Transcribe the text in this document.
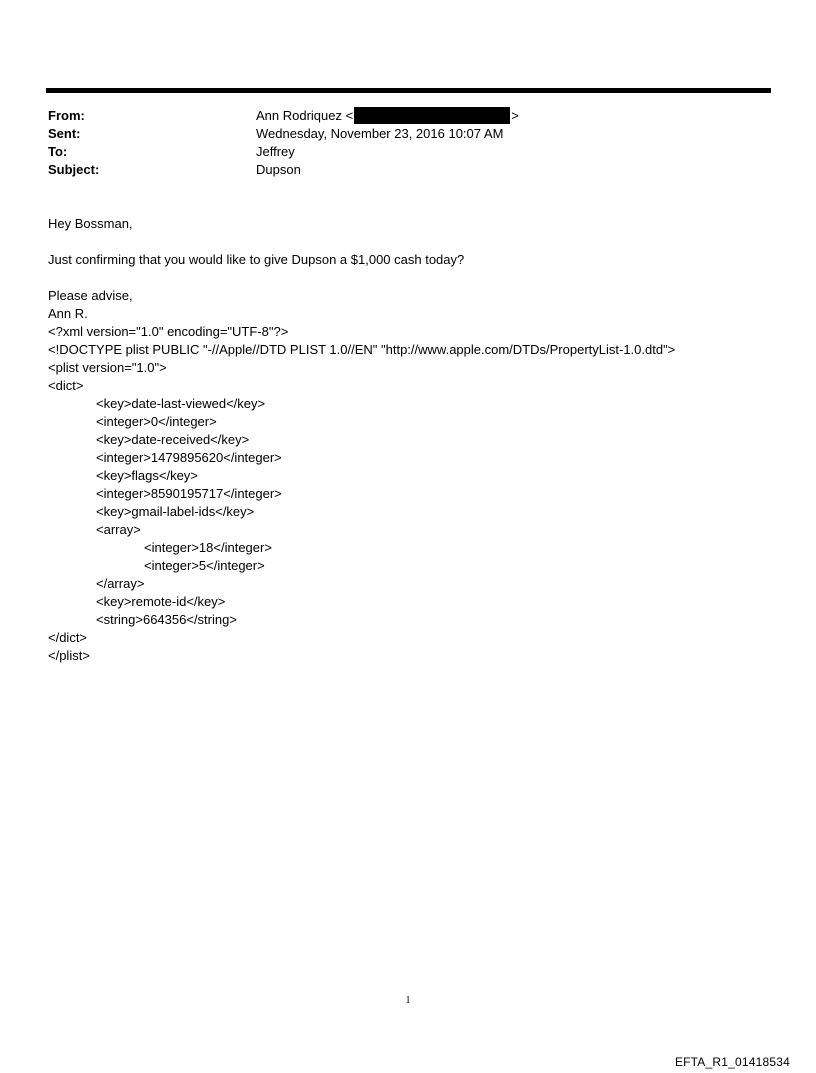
From:	Ann Rodriquez <	>
Sent:	Wednesday, November 23, 2016 10:07 AM
To:	Jeffrey
Subject:	Dupson
Hey Bossman,
Just confirming that you would like to give Dupson a $1,000 cash today?
Please advise,
Ann R.
<?xml version="1.0" encoding="UTF-8"?>
<!DOCTYPE plist PUBLIC "-//Apple//DTD PLIST 1.0//EN" "http://www.apple.com/DTDs/PropertyList-1.0.dtd">
<plist version="1.0">
<dict>
<key>date-last-viewed</key>
<integer>0</integer>
<key>date-received</key>
<integer>1479895620</integer>
<key>flags</key>
<integer>8590195717</integer>
<key>gmail-label-ids</key>
<array>
<integer>18</integer>
<integer>5</integer>
</array>
<key>remote-id</key>
<string>664356</string>
</dict>
</plist>
1
EFTA_R1_01418534
